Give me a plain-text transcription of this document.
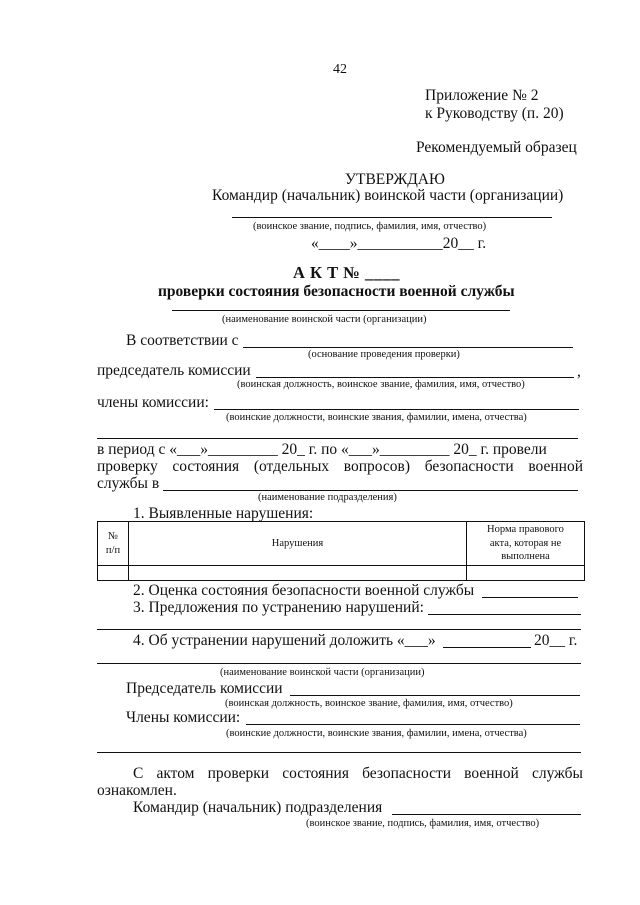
42
Приложение № 2
к Руководству (п. 20)
Рекомендуемый образец
УТВЕРЖДАЮ
Командир (начальник) воинской части (организации)
(воинское звание, подпись, фамилия, имя, отчество)
«____»___________20__ г.
А К Т № ____
проверки состояния безопасности военной службы
(наименование воинской части (организации)
В соответствии с
(основание проведения проверки)
председатель комиссии	,
(воинская должность, воинское звание, фамилия, имя, отчество)
члены комиссии:
(воинские должности, воинские звания, фамилии, имена, отчества)
в период с «___»_________ 20_ г. по «___»_________ 20_ г. провели
проверку состояния (отдельных вопросов) безопасности военной
службы в
(наименование подразделения)
1. Выявленные нарушения:
№
п/п	Нарушения	Норма правового
акта, которая не
выполнена

2. Оценка состояния безопасности военной службы
3. Предложения по устранению нарушений:
4. Об устранении нарушений доложить «___»	20__ г.
(наименование воинской части (организации)
Председатель комиссии
(воинская должность, воинское звание, фамилия, имя, отчество)
Члены комиссии:
(воинские должности, воинские звания, фамилии, имена, отчества)
С актом проверки состояния безопасности военной службы
ознакомлен.
Командир (начальник) подразделения
(воинское звание, подпись, фамилия, имя, отчество)
